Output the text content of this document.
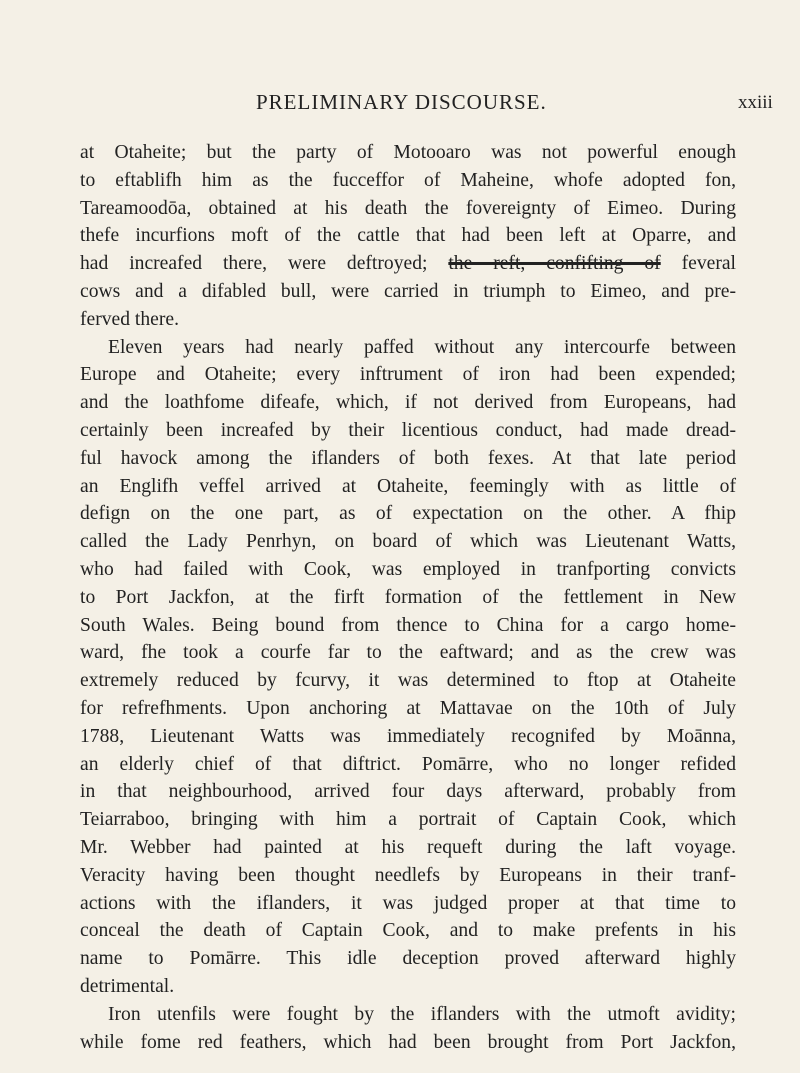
PRELIMINARY DISCOURSE.	xxiii
at Otaheite; but the party of Motooaro was not powerful enough
to eftablifh him as the fucceffor of Maheine, whofe adopted fon,
Tareamoodōa, obtained at his death the fovereignty of Eimeo. During
thefe incurfions moft of the cattle that had been left at Oparre, and
had increafed there, were deftroyed; the reft, confifting of feveral
cows and a difabled bull, were carried in triumph to Eimeo, and pre-
ferved there.
Eleven years had nearly paffed without any intercourfe between
Europe and Otaheite; every inftrument of iron had been expended;
and the loathfome difeafe, which, if not derived from Europeans, had
certainly been increafed by their licentious conduct, had made dread-
ful havock among the iflanders of both fexes. At that late period
an Englifh veffel arrived at Otaheite, feemingly with as little of
defign on the one part, as of expectation on the other. A fhip
called the Lady Penrhyn, on board of which was Lieutenant Watts,
who had failed with Cook, was employed in tranfporting convicts
to Port Jackfon, at the firft formation of the fettlement in New
South Wales. Being bound from thence to China for a cargo home-
ward, fhe took a courfe far to the eaftward; and as the crew was
extremely reduced by fcurvy, it was determined to ftop at Otaheite
for refrefhments. Upon anchoring at Mattavae on the 10th of July
1788, Lieutenant Watts was immediately recognifed by Moānna,
an elderly chief of that diftrict. Pomārre, who no longer refided
in that neighbourhood, arrived four days afterward, probably from
Teiarraboo, bringing with him a portrait of Captain Cook, which
Mr. Webber had painted at his requeft during the laft voyage.
Veracity having been thought needlefs by Europeans in their tranf-
actions with the iflanders, it was judged proper at that time to
conceal the death of Captain Cook, and to make prefents in his
name to Pomārre. This idle deception proved afterward highly
detrimental.
Iron utenfils were fought by the iflanders with the utmoft avidity;
while fome red feathers, which had been brought from Port Jackfon,
